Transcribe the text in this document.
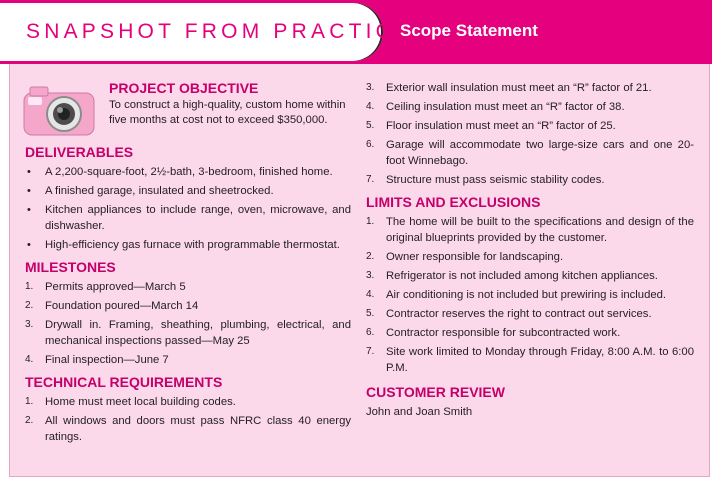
SNAPSHOT FROM PRACTICE
Scope Statement
PROJECT OBJECTIVE
To construct a high-quality, custom home within five months at cost not to exceed $350,000.
DELIVERABLES
• A 2,200-square-foot, 2½-bath, 3-bedroom, finished home.
• A finished garage, insulated and sheetrocked.
• Kitchen appliances to include range, oven, microwave, and dishwasher.
• High-efficiency gas furnace with programmable thermostat.
MILESTONES
1. Permits approved—March 5
2. Foundation poured—March 14
3. Drywall in. Framing, sheathing, plumbing, electrical, and mechanical inspections passed—May 25
4. Final inspection—June 7
TECHNICAL REQUIREMENTS
1. Home must meet local building codes.
2. All windows and doors must pass NFRC class 40 energy ratings.
3. Exterior wall insulation must meet an “R” factor of 21.
4. Ceiling insulation must meet an “R” factor of 38.
5. Floor insulation must meet an “R” factor of 25.
6. Garage will accommodate two large-size cars and one 20-foot Winnebago.
7. Structure must pass seismic stability codes.
LIMITS AND EXCLUSIONS
1. The home will be built to the specifications and design of the original blueprints provided by the customer.
2. Owner responsible for landscaping.
3. Refrigerator is not included among kitchen appliances.
4. Air conditioning is not included but prewiring is included.
5. Contractor reserves the right to contract out services.
6. Contractor responsible for subcontracted work.
7. Site work limited to Monday through Friday, 8:00 A.M. to 6:00 P.M.
CUSTOMER REVIEW
John and Joan Smith
